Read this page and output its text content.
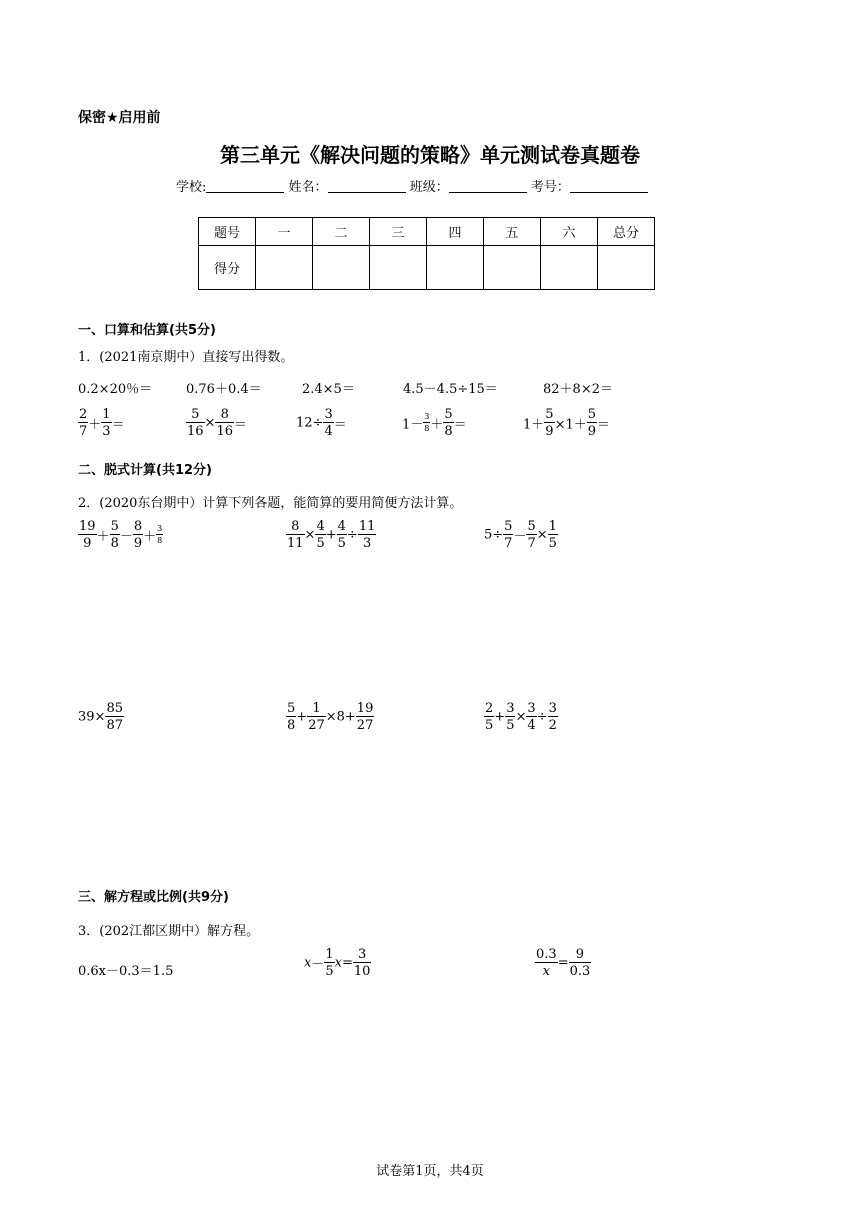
保密★启用前
第三单元《解决问题的策略》单元测试卷真题卷
学校:	姓名：	班级：	考号：
题号	一	二	三	四	五	六	总分
得分							
一、口算和估算(共5分)
1．(2021南京期中）直接写出得数。
0.2×20％＝	0.76＋0.4＝	2.4×5＝	4.5－4.5÷15＝	82＋8×2＝
$\frac{2}{7} + \frac{1}{3}$ ＝	$\frac{5}{16} \times \frac{8}{16}$ ＝	$12\div \frac{3}{4}$ ＝	$1- \frac{3}{8} + \frac{5}{8}$ ＝	$1+ \frac{5}{9} \times 1+ \frac{5}{9}$ ＝
二、脱式计算(共12分)
2．(2020东台期中）计算下列各题，能简算的要用简便方法计算。
$\frac{19}{9} + \frac{5}{8} - \frac{8}{9} + \frac{3}{8}$	$\frac{8}{11} \times \frac{4}{5} + \frac{4}{5} \div \frac{11}{3}$	$5\div \frac{5}{7} - \frac{5}{7} \times \frac{1}{5}$
$39\times \frac{85}{87}$	$\frac{5}{8} + \frac{1}{27} \times 8+ \frac{19}{27}$	$\frac{2}{5} + \frac{3}{5} \times \frac{3}{4} \div \frac{3}{2}$
三、解方程或比例(共9分)
3．(202江都区期中）解方程。
0.6x－0.3＝1.5
$x- \frac{1}{5} x= \frac{3}{10}$	$\frac{0.3}{x} = \frac{9}{0.3}$
试卷第1页，共4页
